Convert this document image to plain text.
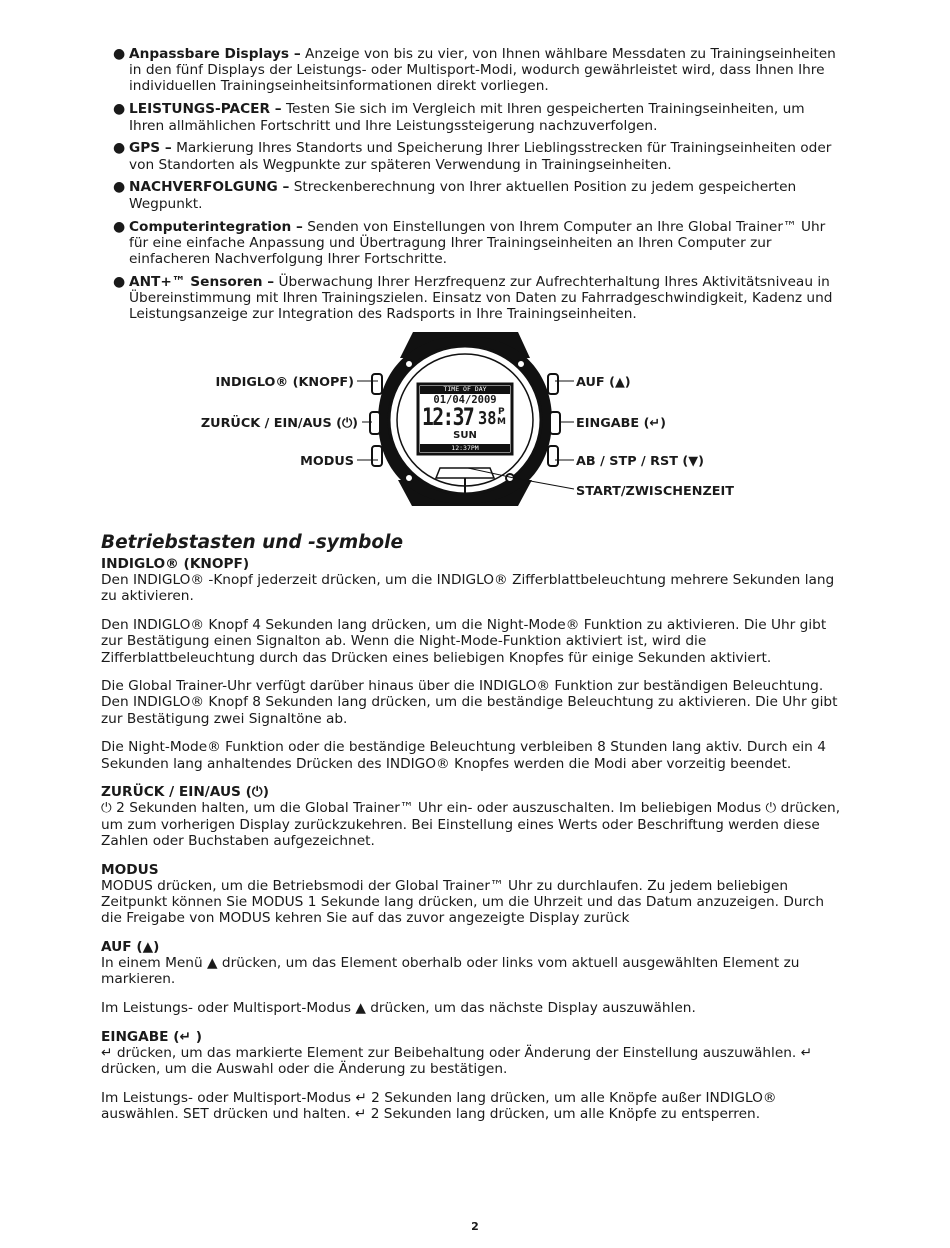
● Anpassbare Displays – Anzeige von bis zu vier, von Ihnen wählbare Messdaten zu Trainingseinheiten in den fünf Displays der Leistungs- oder Multisport-Modi, wodurch gewährleistet wird, dass Ihnen Ihre individuellen Trainingseinheitsinformationen direkt vorliegen.
● LEISTUNGS-PACER – Testen Sie sich im Vergleich mit Ihren gespeicherten Trainingseinheiten, um Ihren allmählichen Fortschritt und Ihre Leistungssteigerung nachzuverfolgen.
● GPS – Markierung Ihres Standorts und Speicherung Ihrer Lieblingsstrecken für Trainingseinheiten oder von Standorten als Wegpunkte zur späteren Verwendung in Trainingseinheiten.
● NACHVERFOLGUNG – Streckenberechnung von Ihrer aktuellen Position zu jedem gespeicherten Wegpunkt.
● Computerintegration – Senden von Einstellungen von Ihrem Computer an Ihre Global Trainer™ Uhr für eine einfache Anpassung und Übertragung Ihrer Trainingseinheiten an Ihren Computer zur einfacheren Nachverfolgung Ihrer Fortschritte.
● ANT+™ Sensoren – Überwachung Ihrer Herzfrequenz zur Aufrechterhaltung Ihres Aktivitätsniveau in Übereinstimmung mit Ihren Trainingszielen. Einsatz von Daten zu Fahrradgeschwindigkeit, Kadenz und Leistungsanzeige zur Integration des Radsports in Ihre Trainingseinheiten.
TIME OF DAY
01/04/2009
12:37 38 P
M
SUN
12:37PM
INDIGLO® (KNOPF)
ZURÜCK / EIN/AUS (⏻)
MODUS
AUF (▲)
EINGABE (↵)
AB / STP / RST (▼)
START/ZWISCHENZEIT
Betriebstasten und -symbole
INDIGLO® (KNOPF)

Den INDIGLO® -Knopf jederzeit drücken, um die INDIGLO® Zifferblattbeleuchtung mehrere Sekunden lang zu aktivieren.

Den INDIGLO® Knopf 4 Sekunden lang drücken, um die Night-Mode® Funktion zu aktivieren. Die Uhr gibt zur Bestätigung einen Signalton ab. Wenn die Night-Mode-Funktion aktiviert ist, wird die Zifferblattbeleuchtung durch das Drücken eines beliebigen Knopfes für einige Sekunden aktiviert.

Die Global Trainer-Uhr verfügt darüber hinaus über die INDIGLO® Funktion zur beständigen Beleuchtung. Den INDIGLO® Knopf 8 Sekunden lang drücken, um die beständige Beleuchtung zu aktivieren. Die Uhr gibt zur Bestätigung zwei Signaltöne ab.

Die Night-Mode® Funktion oder die beständige Beleuchtung verbleiben 8 Stunden lang aktiv. Durch ein 4 Sekunden lang anhaltendes Drücken des INDIGO® Knopfes werden die Modi aber vorzeitig beendet.

ZURÜCK / EIN/AUS (⏻)

⏻ 2 Sekunden halten, um die Global Trainer™ Uhr ein- oder auszuschalten. Im beliebigen Modus ⏻ drücken, um zum vorherigen Display zurückzukehren. Bei Einstellung eines Werts oder Beschriftung werden diese Zahlen oder Buchstaben aufgezeichnet.

MODUS

MODUS drücken, um die Betriebsmodi der Global Trainer™ Uhr zu durchlaufen. Zu jedem beliebigen Zeitpunkt können Sie MODUS 1 Sekunde lang drücken, um die Uhrzeit und das Datum anzuzeigen. Durch die Freigabe von MODUS kehren Sie auf das zuvor angezeigte Display zurück

AUF (▲)

In einem Menü ▲ drücken, um das Element oberhalb oder links vom aktuell ausgewählten Element zu markieren.

Im Leistungs- oder Multisport-Modus ▲ drücken, um das nächste Display auszuwählen.

EINGABE (↵ )

↵ drücken, um das markierte Element zur Beibehaltung oder Änderung der Einstellung auszuwählen. ↵ drücken, um die Auswahl oder die Änderung zu bestätigen.

Im Leistungs- oder Multisport-Modus ↵ 2 Sekunden lang drücken, um alle Knöpfe außer INDIGLO® auswählen. SET drücken und halten. ↵ 2 Sekunden lang drücken, um alle Knöpfe zu entsperren.

2
